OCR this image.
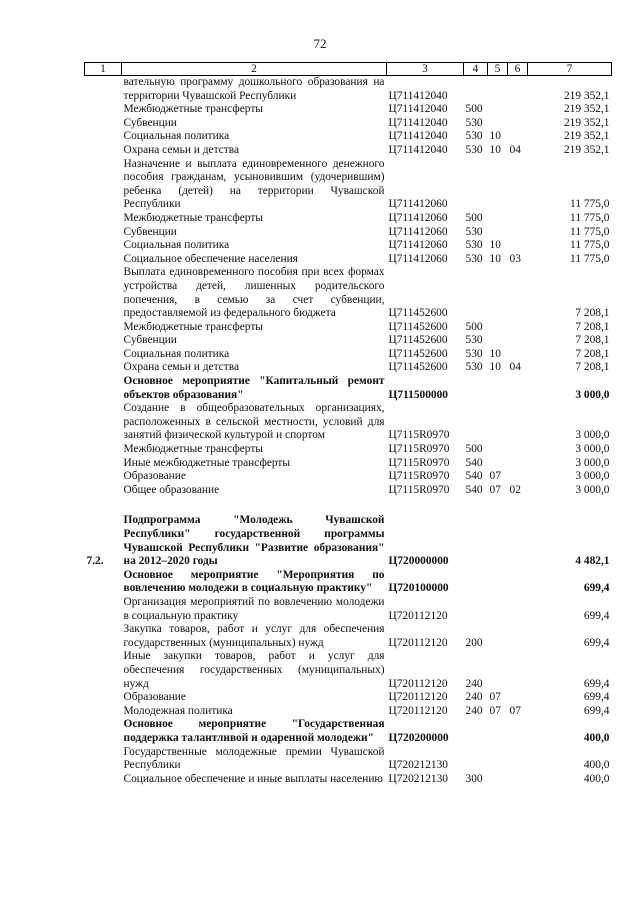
72
1	2	3	4	5	6	7
	вательную программу дошкольного образования на территории Чувашской Республики	Ц711412040				219 352,1
	Межбюджетные трансферты	Ц711412040	500			219 352,1
	Субвенции	Ц711412040	530			219 352,1
	Социальная политика	Ц711412040	530	10		219 352,1
	Охрана семьи и детства	Ц711412040	530	10	04	219 352,1
	Назначение и выплата единовременного денежного пособия гражданам, усыновившим (удочерившим) ребенка (детей) на территории Чувашской Республики	Ц711412060				11 775,0
	Межбюджетные трансферты	Ц711412060	500			11 775,0
	Субвенции	Ц711412060	530			11 775,0
	Социальная политика	Ц711412060	530	10		11 775,0
	Социальное обеспечение населения	Ц711412060	530	10	03	11 775,0
	Выплата единовременного пособия при всех формах устройства детей, лишенных родительского попечения, в семью за счет субвенции, предоставляемой из федерального бюджета	Ц711452600				7 208,1
	Межбюджетные трансферты	Ц711452600	500			7 208,1
	Субвенции	Ц711452600	530			7 208,1
	Социальная политика	Ц711452600	530	10		7 208,1
	Охрана семьи и детства	Ц711452600	530	10	04	7 208,1
	Основное мероприятие "Капитальный ремонт объектов образования"	Ц711500000				3 000,0
	Создание в общеобразовательных организациях, расположенных в сельской местности, условий для занятий физической культурой и спортом	Ц7115R0970				3 000,0
	Межбюджетные трансферты	Ц7115R0970	500			3 000,0
	Иные межбюджетные трансферты	Ц7115R0970	540			3 000,0
	Образование	Ц7115R0970	540	07		3 000,0
	Общее образование	Ц7115R0970	540	07	02	3 000,0

7.2.	Подпрограмма "Молодежь Чувашской Республики" государственной программы Чувашской Республики "Развитие образования" на 2012–2020 годы	Ц720000000				4 482,1
	Основное мероприятие "Мероприятия по вовлечению молодежи в социальную практику"	Ц720100000				699,4
	Организация мероприятий по вовлечению молодежи в социальную практику	Ц720112120				699,4
	Закупка товаров, работ и услуг для обеспечения государственных (муниципальных) нужд	Ц720112120	200			699,4
	Иные закупки товаров, работ и услуг для обеспечения государственных (муниципальных) нужд	Ц720112120	240			699,4
	Образование	Ц720112120	240	07		699,4
	Молодежная политика	Ц720112120	240	07	07	699,4
	Основное мероприятие "Государственная поддержка талантливой и одаренной молодежи"	Ц720200000				400,0
	Государственные молодежные премии Чувашской Республики	Ц720212130				400,0
	Социальное обеспечение и иные выплаты населению	Ц720212130	300			400,0
